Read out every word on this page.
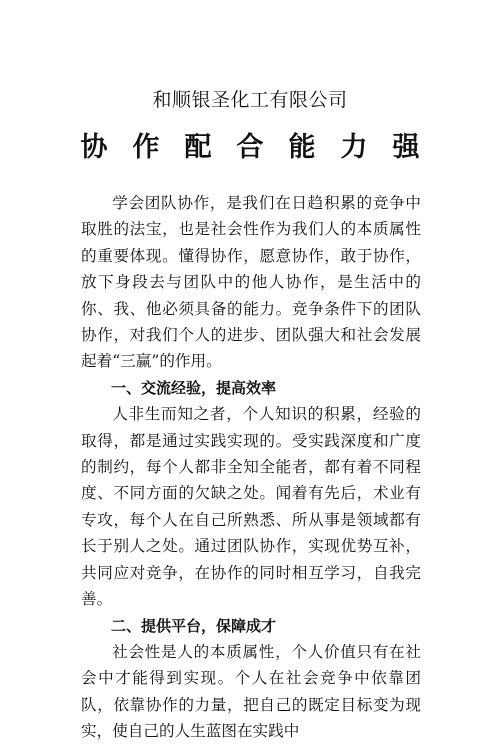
和顺银圣化工有限公司
协作配合能力强

学会团队协作，是我们在日趋积累的竞争中取胜的法宝，也是社会性作为我们人的本质属性的重要体现。懂得协作，愿意协作，敢于协作，放下身段去与团队中的他人协作，是生活中的你、我、他必须具备的能力。竞争条件下的团队协作，对我们个人的进步、团队强大和社会发展起着“三赢”的作用。

一、交流经验，提高效率

人非生而知之者，个人知识的积累，经验的取得，都是通过实践实现的。受实践深度和广度的制约，每个人都非全知全能者，都有着不同程度、不同方面的欠缺之处。闻着有先后，术业有专攻，每个人在自己所熟悉、所从事是领域都有长于别人之处。通过团队协作，实现优势互补，共同应对竞争，在协作的同时相互学习，自我完善。

二、提供平台，保障成才

社会性是人的本质属性，个人价值只有在社会中才能得到实现。个人在社会竞争中依靠团队，依靠协作的力量，把自己的既定目标变为现实，使自己的人生蓝图在实践中
